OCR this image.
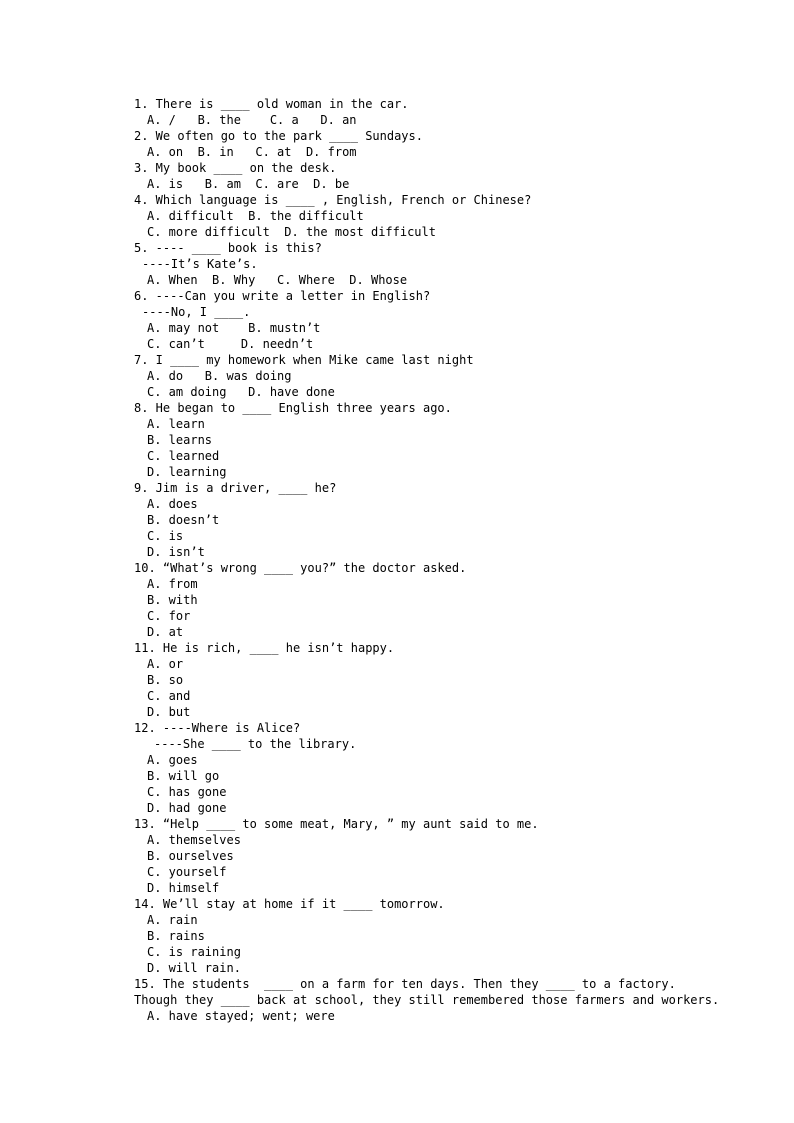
1. There is ____ old woman in the car.
A. /   B. the    C. a   D. an
2. We often go to the park ____ Sundays.
A. on  B. in   C. at  D. from
3. My book ____ on the desk.
A. is   B. am  C. are  D. be
4. Which language is ____ , English, French or Chinese?
A. difficult  B. the difficult
C. more difficult  D. the most difficult
5. ---- ____ book is this?
----It’s Kate’s.
A. When  B. Why   C. Where  D. Whose
6. ----Can you write a letter in English?
----No, I ____.
A. may not    B. mustn’t
C. can’t     D. needn’t
7. I ____ my homework when Mike came last night
A. do   B. was doing
C. am doing   D. have done
8. He began to ____ English three years ago.
A. learn
B. learns
C. learned
D. learning
9. Jim is a driver, ____ he?
A. does
B. doesn’t
C. is
D. isn’t
10. “What’s wrong ____ you?” the doctor asked.
A. from
B. with
C. for
D. at
11. He is rich, ____ he isn’t happy.
A. or
B. so
C. and
D. but
12. ----Where is Alice?
----She ____ to the library.
A. goes
B. will go
C. has gone
D. had gone
13. “Help ____ to some meat, Mary, ” my aunt said to me.
A. themselves
B. ourselves
C. yourself
D. himself
14. We’ll stay at home if it ____ tomorrow.
A. rain
B. rains
C. is raining
D. will rain.
15. The students  ____ on a farm for ten days. Then they ____ to a factory.
Though they ____ back at school, they still remembered those farmers and workers.
A. have stayed; went; were
